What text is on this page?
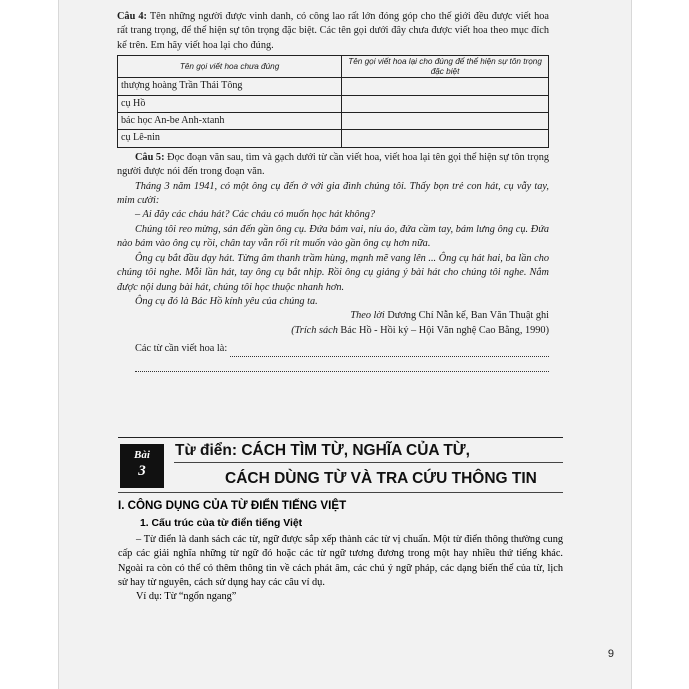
Câu 4: Tên những người được vinh danh, có công lao rất lớn đóng góp cho thế giới đều được viết hoa rất trang trọng, để thể hiện sự tôn trọng đặc biệt. Các tên gọi dưới đây chưa được viết hoa theo mục đích kể trên. Em hãy viết hoa lại cho đúng.

Tên gọi viết hoa chưa đúng	Tên gọi viết hoa lại cho đúng để thể hiện sự tôn trọng đặc biệt
thượng hoàng Trần Thái Tông	
cụ Hồ	
bác học An-be Anh-xtanh	
cụ Lê-nin	

Câu 5: Đọc đoạn văn sau, tìm và gạch dưới từ cần viết hoa, viết hoa lại tên gọi thể hiện sự tôn trọng người được nói đến trong đoạn văn.

Tháng 3 năm 1941, có một ông cụ đến ở với gia đình chúng tôi. Thấy bọn trẻ con hát, cụ vẫy tay, mỉm cười:

– Ai đây các cháu hát? Các cháu có muốn học hát không?

Chúng tôi reo mừng, sán đến gần ông cụ. Đứa bám vai, níu áo, đứa cầm tay, bám lưng ông cụ. Đứa nào bám vào ông cụ rồi, chân tay vẫn rối rít muốn vào gần ông cụ hơn nữa.

Ông cụ bắt đầu dạy hát. Từng âm thanh trầm hùng, mạnh mẽ vang lên ... Ông cụ hát hai, ba lần cho chúng tôi nghe. Mỗi lần hát, tay ông cụ bắt nhịp. Rồi ông cụ giảng ý bài hát cho chúng tôi nghe. Nắm được nội dung bài hát, chúng tôi học thuộc nhanh hơn.

Ông cụ đó là Bác Hồ kính yêu của chúng ta.

Theo lời Dương Chí Nẫn kể, Ban Văn Thuật ghi

(Trích sách Bác Hồ - Hồi ký – Hội Văn nghệ Cao Bằng, 1990)

Các từ cần viết hoa là:

Bài
3
Từ điển: CÁCH TÌM TỪ, NGHĨA CỦA TỪ,
CÁCH DÙNG TỪ VÀ TRA CỨU THÔNG TIN

I. CÔNG DỤNG CỦA TỪ ĐIỂN TIẾNG VIỆT

1. Cấu trúc của từ điển tiếng Việt

– Từ điển là danh sách các từ, ngữ được sắp xếp thành các từ vị chuẩn. Một từ điển thông thường cung cấp các giải nghĩa những từ ngữ đó hoặc các từ ngữ tương đương trong một hay nhiều thứ tiếng khác. Ngoài ra còn có thể có thêm thông tin về cách phát âm, các chú ý ngữ pháp, các dạng biến thể của từ, lịch sử hay từ nguyên, cách sử dụng hay các câu ví dụ.

Ví dụ: Từ “ngổn ngang”

9
